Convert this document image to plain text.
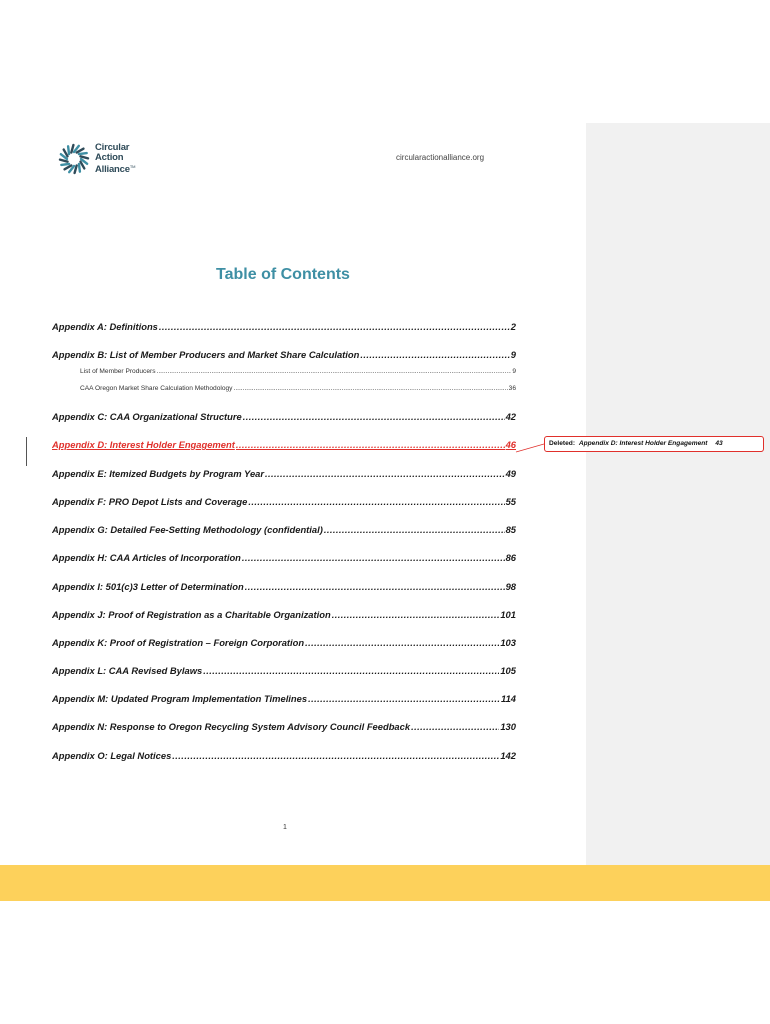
Circular
Action
Alliance™
circularactionalliance.org
Table of Contents
Appendix A: Definitions .....	2
Appendix B: List of Member Producers and Market Share Calculation .....	9
List of Member Producers .....	9
CAA Oregon Market Share Calculation Methodology .....	36
Appendix C: CAA Organizational Structure .....	42
Appendix D: Interest Holder Engagement .....	46
Appendix E: Itemized Budgets by Program Year .....	49
Appendix F: PRO Depot Lists and Coverage .....	55
Appendix G: Detailed Fee-Setting Methodology (confidential) .....	85
Appendix H: CAA Articles of Incorporation .....	86
Appendix I: 501(c)3 Letter of Determination .....	98
Appendix J: Proof of Registration as a Charitable Organization .....	101
Appendix K: Proof of Registration – Foreign Corporation .....	103
Appendix L: CAA Revised Bylaws .....	105
Appendix M: Updated Program Implementation Timelines .....	114
Appendix N: Response to Oregon Recycling System Advisory Council Feedback .....	130
Appendix O: Legal Notices .....	142
Deleted: Appendix D: Interest Holder Engagement 43
1
